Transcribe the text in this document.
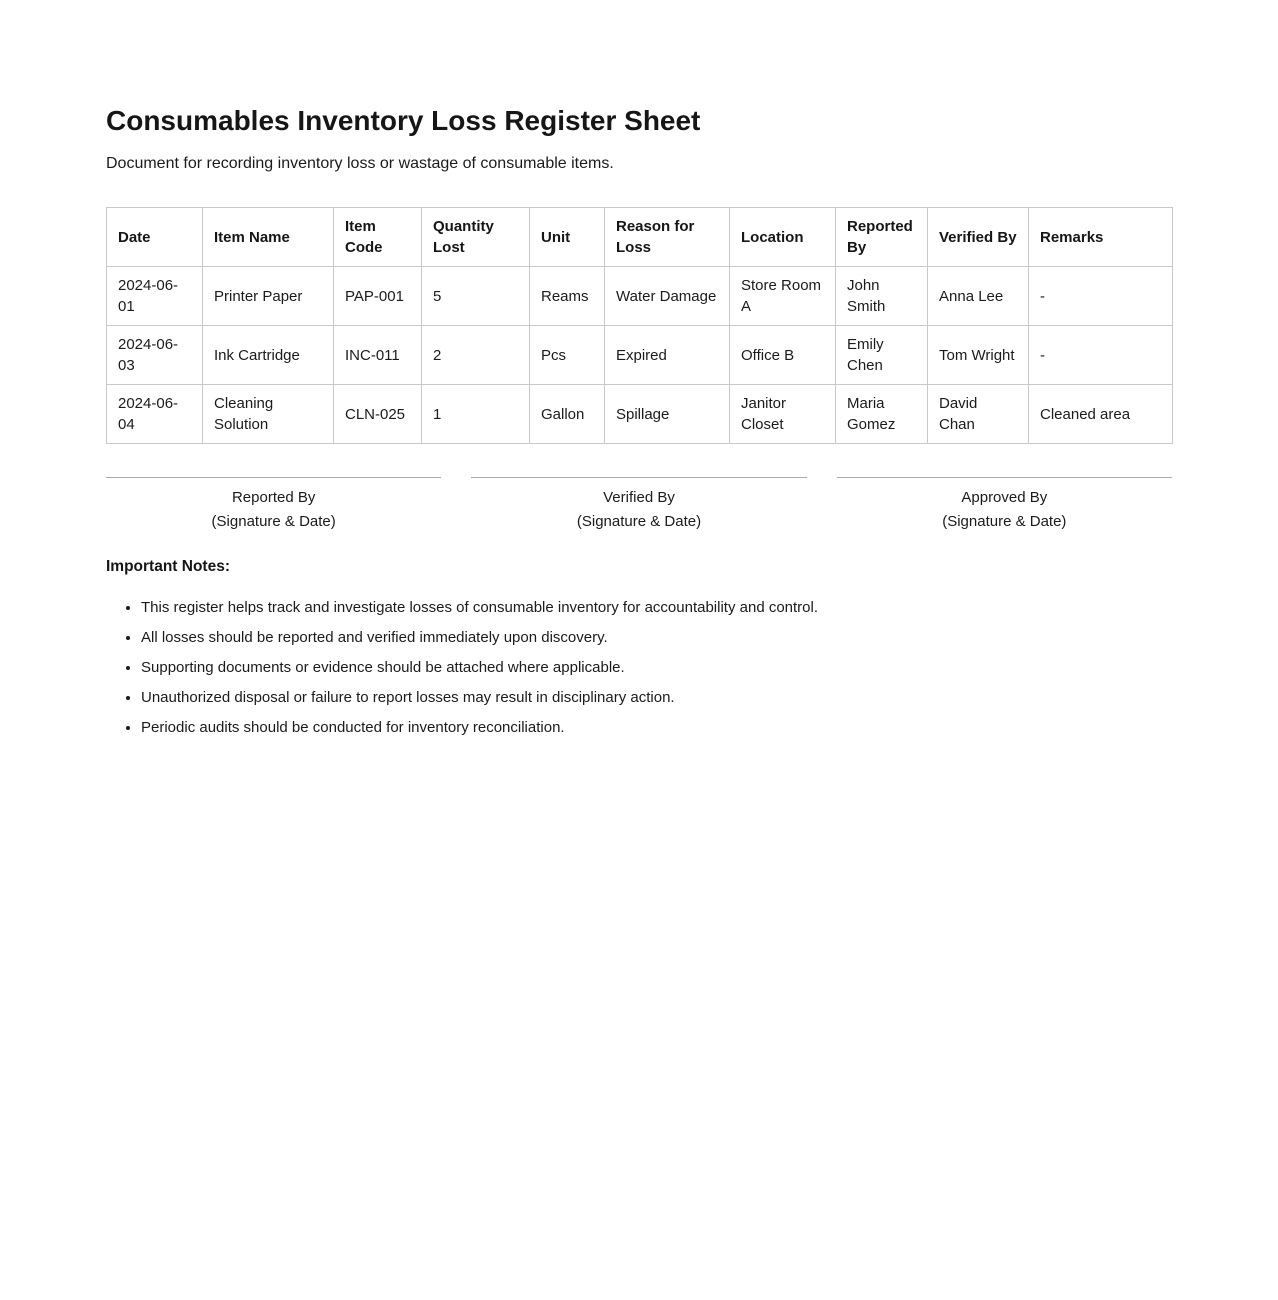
Consumables Inventory Loss Register Sheet

Document for recording inventory loss or wastage of consumable items.

Date	Item Name	Item Code	Quantity Lost	Unit	Reason for Loss	Location	Reported By	Verified By	Remarks
2024-06-01	Printer Paper	PAP-001	5	Reams	Water Damage	Store Room A	John Smith	Anna Lee	-
2024-06-03	Ink Cartridge	INC-011	2	Pcs	Expired	Office B	Emily Chen	Tom Wright	-
2024-06-04	Cleaning Solution	CLN-025	1	Gallon	Spillage	Janitor Closet	Maria Gomez	David Chan	Cleaned area
Reported By
(Signature & Date)
Verified By
(Signature & Date)
Approved By
(Signature & Date)
Important Notes:
• This register helps track and investigate losses of consumable inventory for accountability and control.
• All losses should be reported and verified immediately upon discovery.
• Supporting documents or evidence should be attached where applicable.
• Unauthorized disposal or failure to report losses may result in disciplinary action.
• Periodic audits should be conducted for inventory reconciliation.
